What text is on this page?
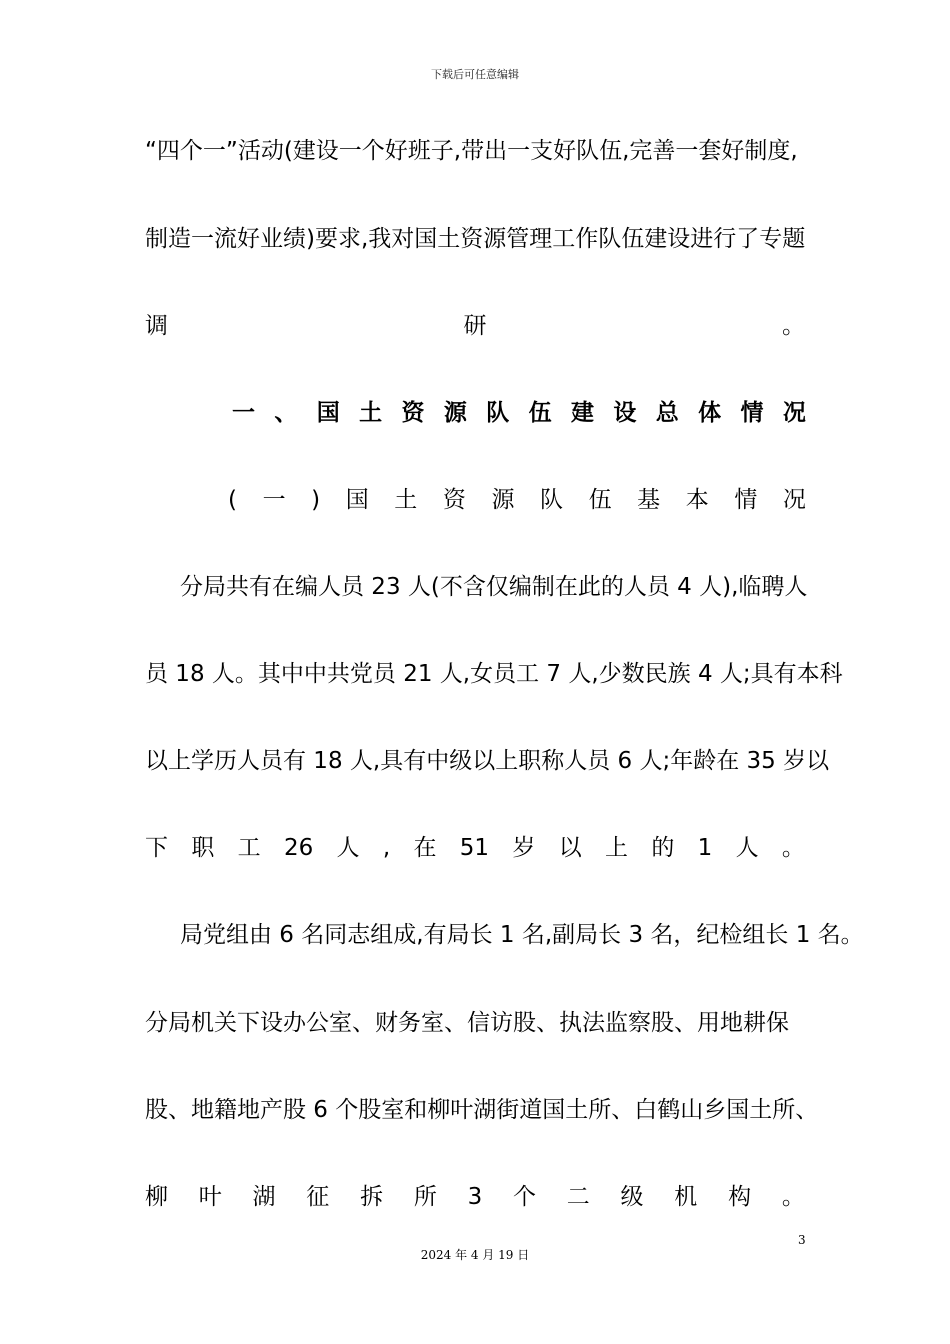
下载后可任意编辑
“四个一”活动(建设一个好班子,带出一支好队伍,完善一套好制度,
制造一流好业绩)要求,我对国土资源管理工作队伍建设进行了专题
调	研	。
一 、 国 土 资 源 队 伍 建 设 总 体 情 况
( 一 ) 国 土 资 源 队 伍 基 本 情 况
分局共有在编人员 23 人(不含仅编制在此的人员 4 人),临聘人
员 18 人。其中中共党员 21 人,女员工 7 人,少数民族 4 人;具有本科
以上学历人员有 18 人,具有中级以上职称人员 6 人;年龄在 35 岁以
下 职 工 26 人 , 在 51 岁 以 上 的 1 人 。
局党组由 6 名同志组成,有局长 1 名,副局长 3 名，纪检组长 1 名。
分局机关下设办公室、财务室、信访股、执法监察股、用地耕保
股、地籍地产股 6 个股室和柳叶湖街道国土所、白鹤山乡国土所、
柳 叶 湖 征 拆 所 3 个 二 级 机 构 。
3
2024 年 4 月 19 日
